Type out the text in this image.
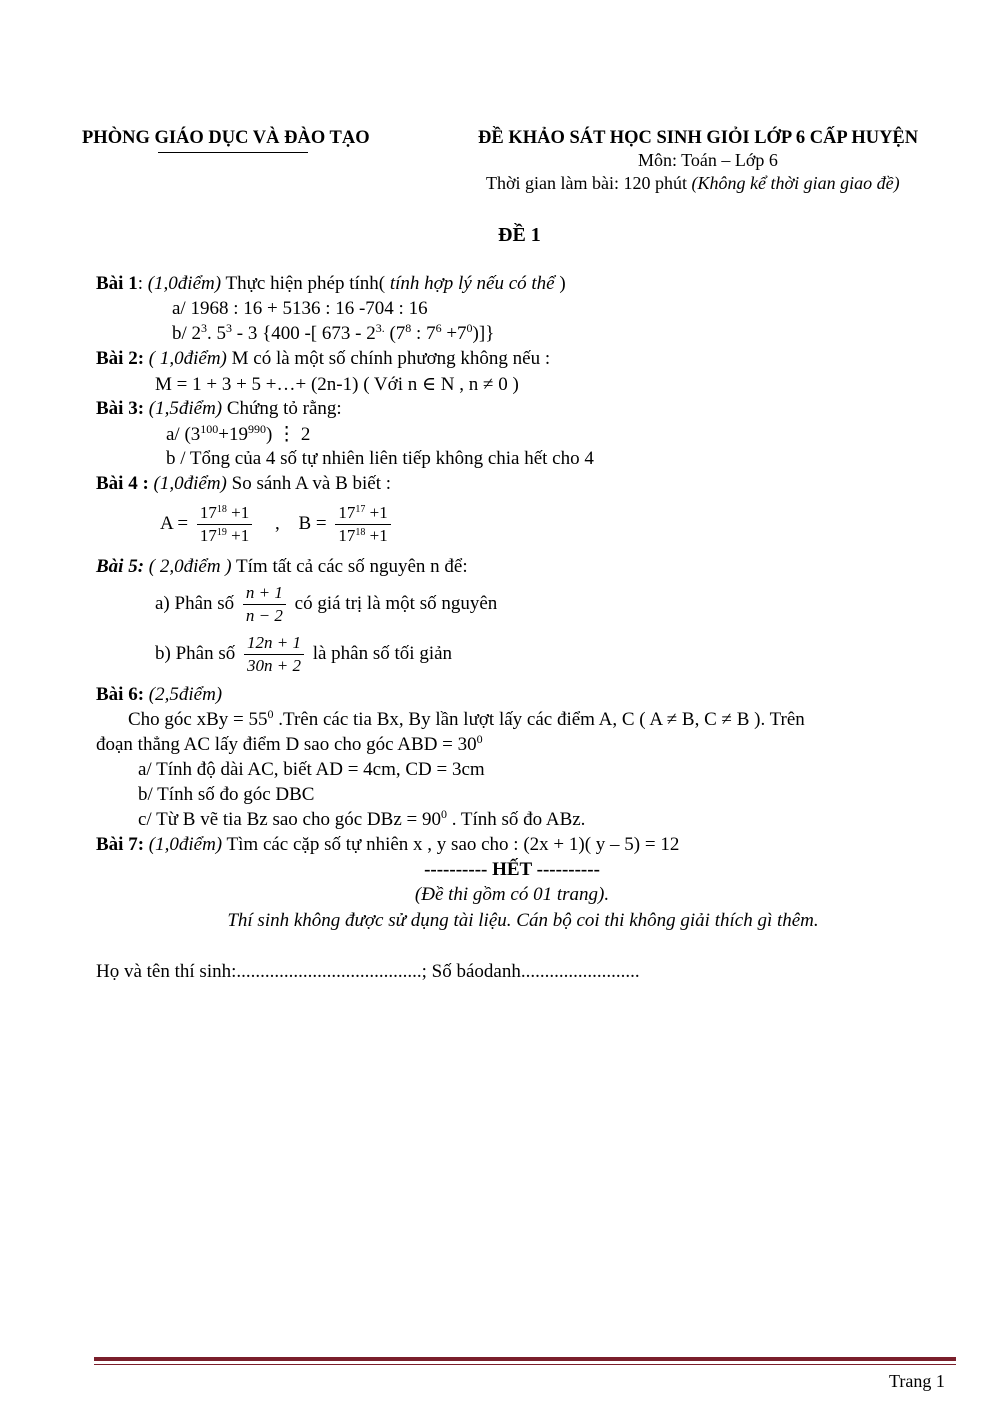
PHÒNG GIÁO DỤC VÀ ĐÀO TẠO	ĐỀ KHẢO SÁT HỌC SINH GIỎI LỚP 6 CẤP HUYỆN
Môn: Toán – Lớp 6
Thời gian làm bài: 120 phút (Không kể thời gian giao đề)
ĐỀ 1
Bài 1: (1,0điểm) Thực hiện phép tính( tính hợp lý nếu có thể )
a/ 1968 : 16 + 5136 : 16 -704 : 16
b/ $2^3$. $5^3 - 3$ {400 -[ $673 - 2^{3.}$ ($7^8$ : $7^6 +7^0$)]}
Bài 2: ( 1,0điểm) M có là một số chính phương không nếu :
M = 1 + 3 + 5 +…+ (2n-1) ( Với n ∈ N , n ≠ 0 )
Bài 3: (1,5điểm) Chứng tỏ rằng:
a/ $(3^{100}+19^{990})$ ⋮ 2
b / Tổng của 4 số tự nhiên liên tiếp không chia hết cho 4
Bài 4 : (1,0điểm) So sánh A và B biết :
$A = \frac{17^{18} +1}{17^{19} +1}$ , $B = \frac{17^{17} +1}{17^{18} +1}$
Bài 5: ( 2,0điểm ) Tím tất cả các số nguyên n để:
a) Phân số $\frac{n + 1}{n - 2}$ có giá trị là một số nguyên
b) Phân số $\frac{12n + 1}{30n + 2}$ là phân số tối giản
Bài 6: (2,5điểm)
Cho góc xBy = $55^0$ .Trên các tia Bx, By lần lượt lấy các điểm A, C ( A ≠ B, C ≠ B ). Trên
đoạn thẳng AC lấy điểm D sao cho góc ABD = $30^0$
a/ Tính độ dài AC, biết AD = 4cm, CD = 3cm
b/ Tính số đo góc DBC
c/ Từ B vẽ tia Bz sao cho góc DBz = $90^0$ . Tính số đo ABz.
Bài 7: (1,0điểm) Tìm các cặp số tự nhiên x , y sao cho : (2x + 1)( y – 5) = 12
---------- HẾT ----------
(Đề thi gồm có 01 trang).
Thí sinh không được sử dụng tài liệu. Cán bộ coi thi không giải thích gì thêm.
Họ và tên thí sinh:.......................................; Số báodanh.........................
Trang 1
